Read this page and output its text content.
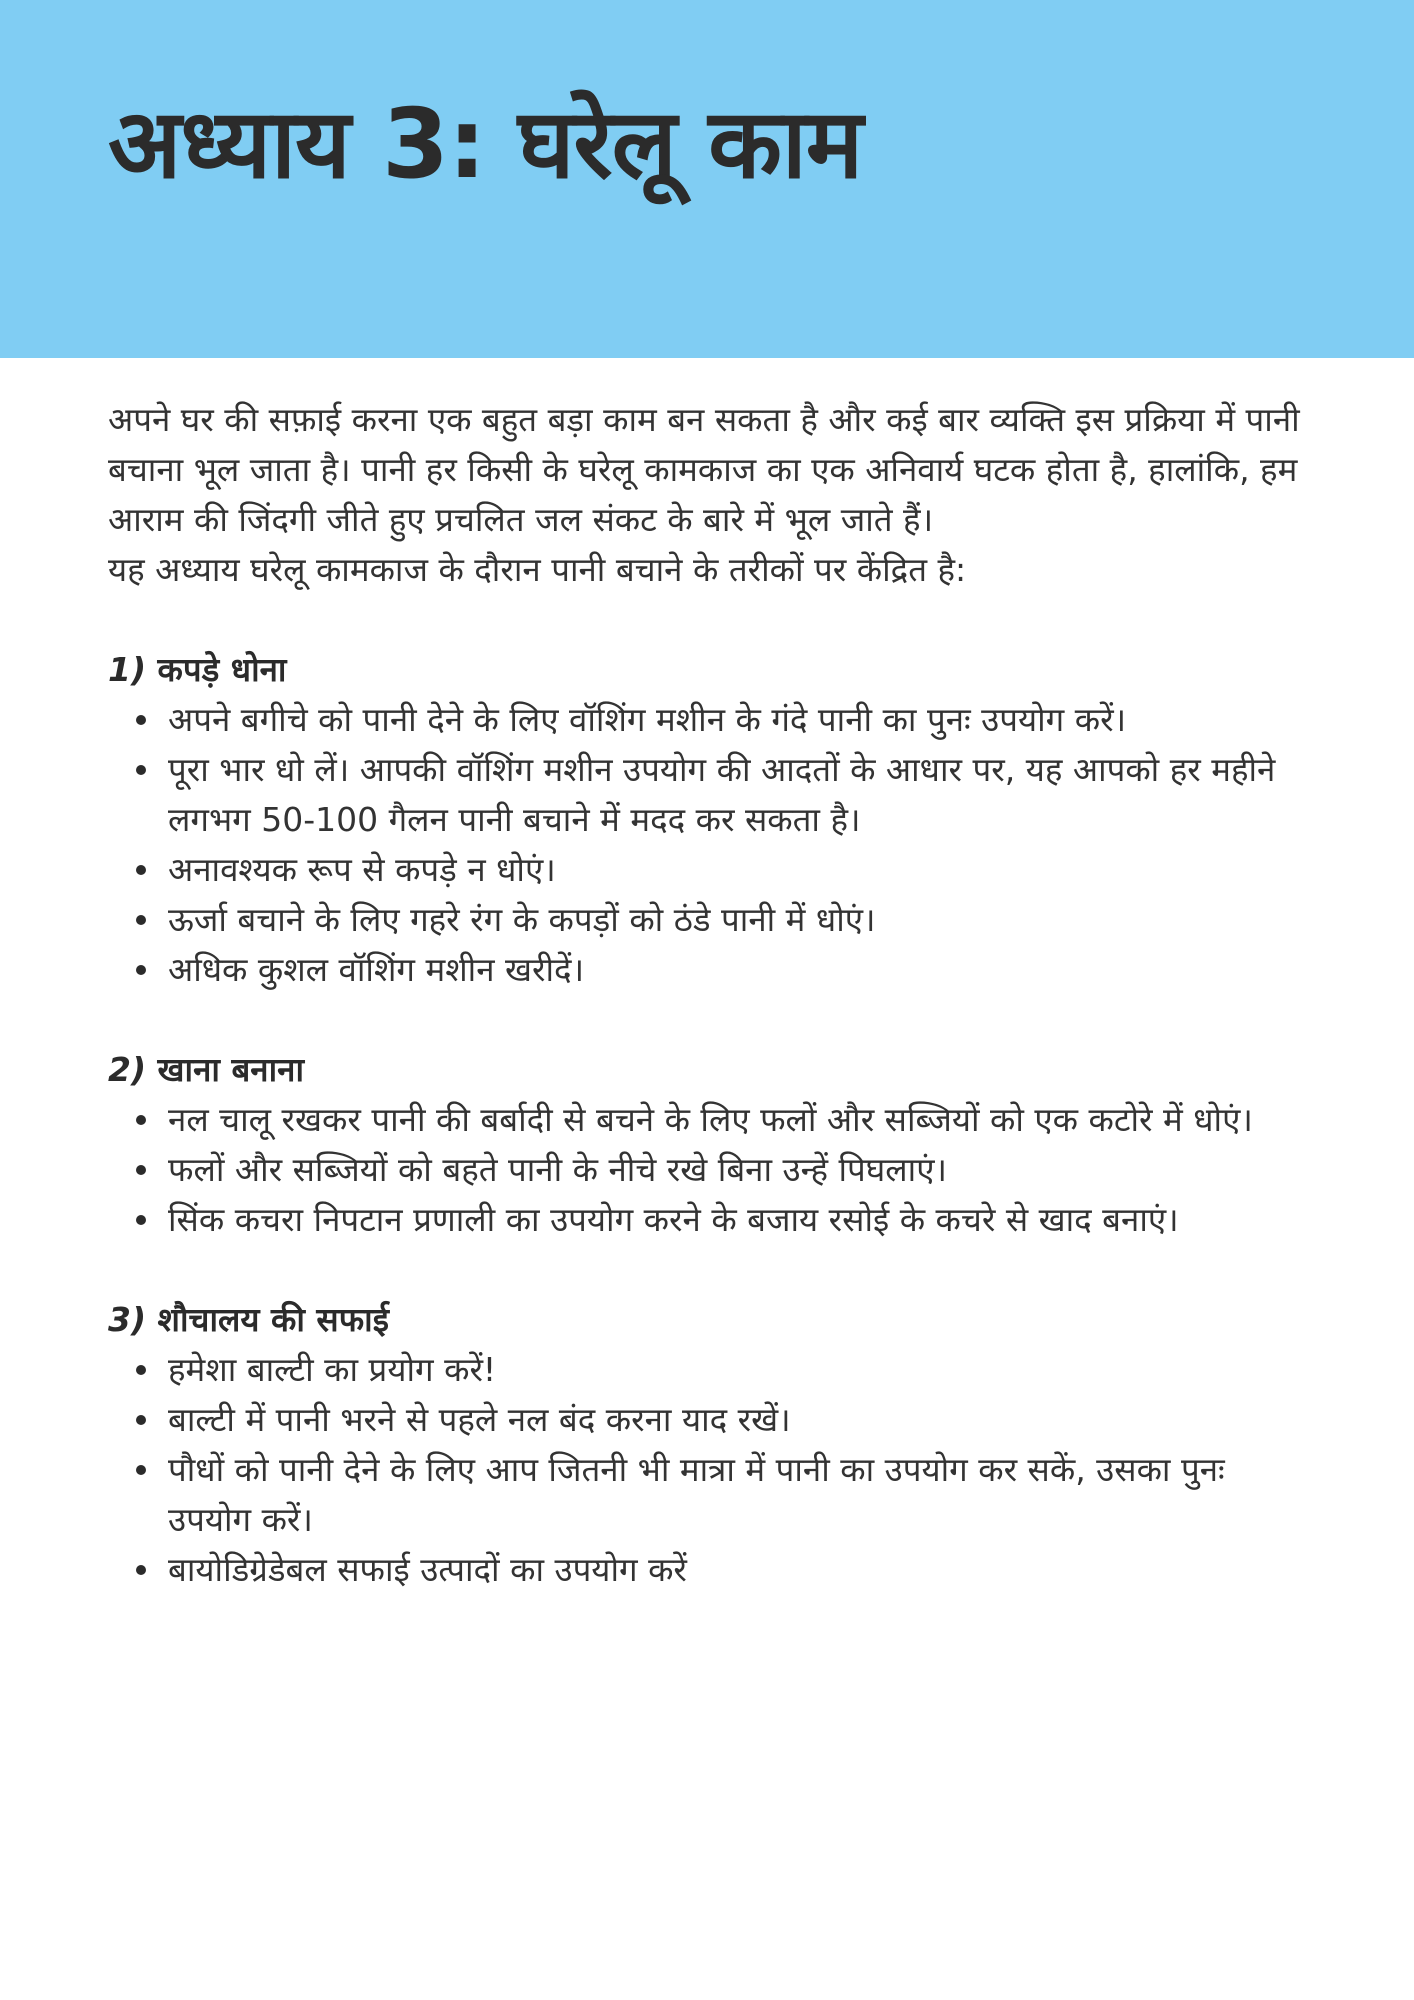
अध्याय 3: घरेलू काम

अपने घर की सफ़ाई करना एक बहुत बड़ा काम बन सकता है और कई बार व्यक्ति इस प्रक्रिया में पानी बचाना भूल जाता है। पानी हर किसी के घरेलू कामकाज का एक अनिवार्य घटक होता है, हालांकि, हम आराम की जिंदगी जीते हुए प्रचलित जल संकट के बारे में भूल जाते हैं।

यह अध्याय घरेलू कामकाज के दौरान पानी बचाने के तरीकों पर केंद्रित है:

1) कपड़े धोना
अपने बगीचे को पानी देने के लिए वॉशिंग मशीन के गंदे पानी का पुनः उपयोग करें।
पूरा भार धो लें। आपकी वॉशिंग मशीन उपयोग की आदतों के आधार पर, यह आपको हर महीने लगभग 50-100 गैलन पानी बचाने में मदद कर सकता है।
अनावश्यक रूप से कपड़े न धोएं।
ऊर्जा बचाने के लिए गहरे रंग के कपड़ों को ठंडे पानी में धोएं।
अधिक कुशल वॉशिंग मशीन खरीदें।
2) खाना बनाना
नल चालू रखकर पानी की बर्बादी से बचने के लिए फलों और सब्जियों को एक कटोरे में धोएं।
फलों और सब्जियों को बहते पानी के नीचे रखे बिना उन्हें पिघलाएं।
सिंक कचरा निपटान प्रणाली का उपयोग करने के बजाय रसोई के कचरे से खाद बनाएं।
3) शौचालय की सफाई
हमेशा बाल्टी का प्रयोग करें!
बाल्टी में पानी भरने से पहले नल बंद करना याद रखें।
पौधों को पानी देने के लिए आप जितनी भी मात्रा में पानी का उपयोग कर सकें, उसका पुनः उपयोग करें।
बायोडिग्रेडेबल सफाई उत्पादों का उपयोग करें
